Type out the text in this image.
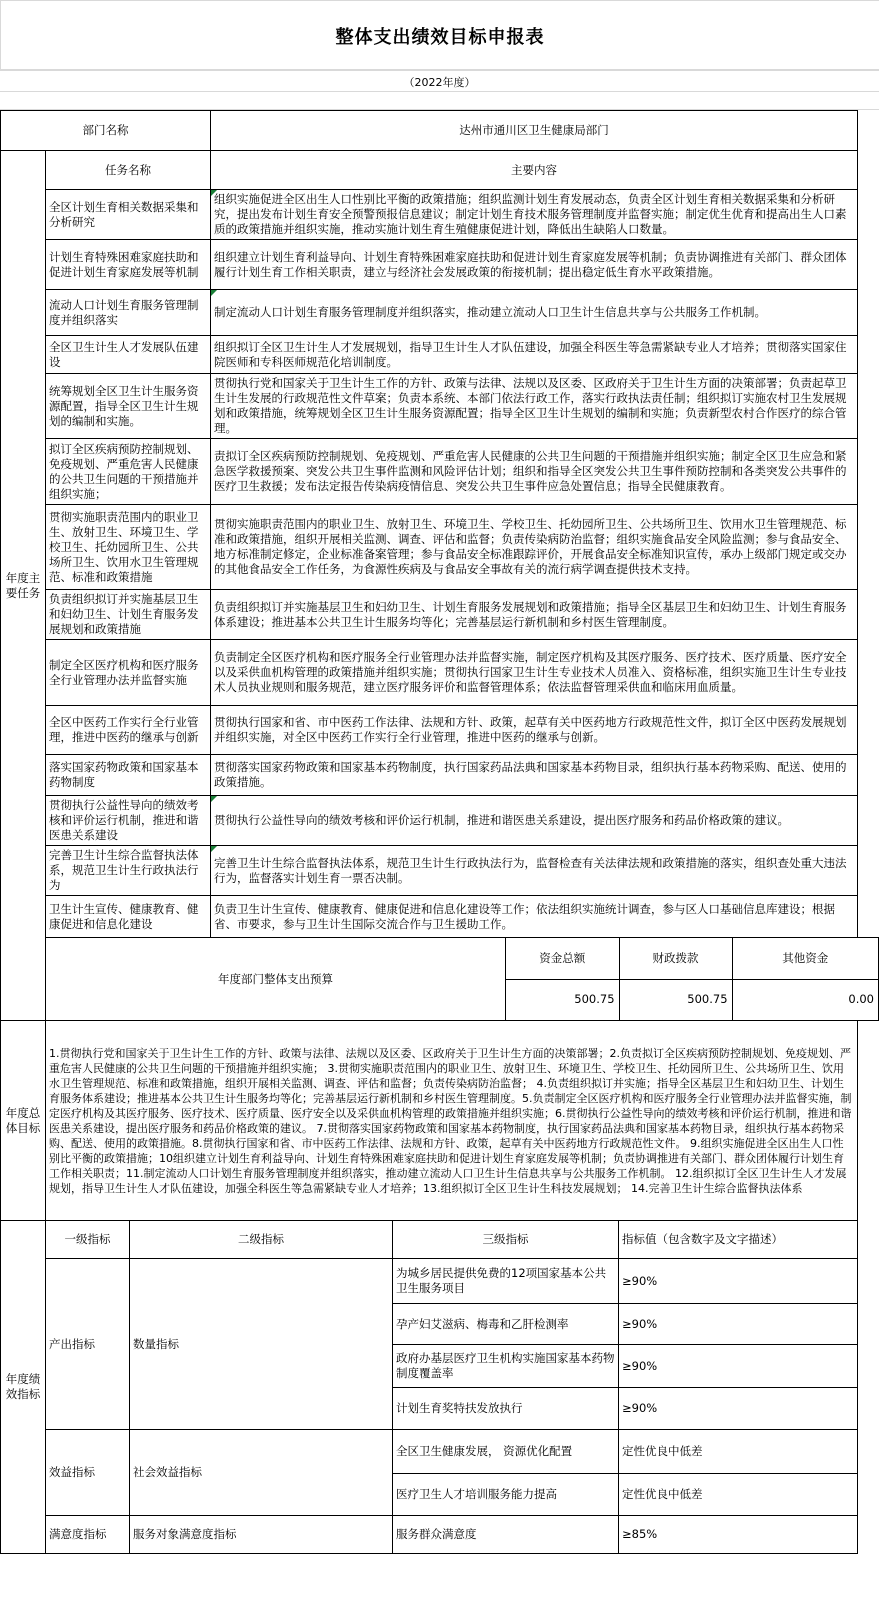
整体支出绩效目标申报表
（2022年度）
部门名称	达州市通川区卫生健康局部门
年度主要任务	任务名称	主要内容
全区计划生育相关数据采集和分析研究	组织实施促进全区出生人口性别比平衡的政策措施；组织监测计划生育发展动态，负责全区计划生育相关数据采集和分析研究，提出发布计划生育安全预警预报信息建议；制定计划生育技术服务管理制度并监督实施；制定优生优育和提高出生人口素质的政策措施并组织实施，推动实施计划生育生殖健康促进计划，降低出生缺陷人口数量。
计划生育特殊困难家庭扶助和促进计划生育家庭发展等机制	组织建立计划生育利益导向、计划生育特殊困难家庭扶助和促进计划生育家庭发展等机制；负责协调推进有关部门、群众团体履行计划生育工作相关职责，建立与经济社会发展政策的衔接机制；提出稳定低生育水平政策措施。
流动人口计划生育服务管理制度并组织落实	制定流动人口计划生育服务管理制度并组织落实，推动建立流动人口卫生计生信息共享与公共服务工作机制。
全区卫生计生人才发展队伍建设	组织拟订全区卫生计生人才发展规划，指导卫生计生人才队伍建设，加强全科医生等急需紧缺专业人才培养；贯彻落实国家住院医师和专科医师规范化培训制度。
统筹规划全区卫生计生服务资源配置，指导全区卫生计生规划的编制和实施。	贯彻执行党和国家关于卫生计生工作的方针、政策与法律、法规以及区委、区政府关于卫生计生方面的决策部署；负责起草卫生计生发展的行政规范性文件草案；负责本系统、本部门依法行政工作，落实行政执法责任制；组织拟订实施农村卫生发展规划和政策措施，统筹规划全区卫生计生服务资源配置；指导全区卫生计生规划的编制和实施；负责新型农村合作医疗的综合管理。
拟订全区疾病预防控制规划、免疫规划、严重危害人民健康的公共卫生问题的干预措施并组织实施；	责拟订全区疾病预防控制规划、免疫规划、严重危害人民健康的公共卫生问题的干预措施并组织实施；制定全区卫生应急和紧急医学救援预案、突发公共卫生事件监测和风险评估计划；组织和指导全区突发公共卫生事件预防控制和各类突发公共事件的医疗卫生救援；发布法定报告传染病疫情信息、突发公共卫生事件应急处置信息；指导全民健康教育。
贯彻实施职责范围内的职业卫生、放射卫生、环境卫生、学校卫生、托幼园所卫生、公共场所卫生、饮用水卫生管理规范、标准和政策措施	贯彻实施职责范围内的职业卫生、放射卫生、环境卫生、学校卫生、托幼园所卫生、公共场所卫生、饮用水卫生管理规范、标准和政策措施，组织开展相关监测、调查、评估和监督；负责传染病防治监督；组织实施食品安全风险监测；参与食品安全、地方标准制定修定，企业标准备案管理；参与食品安全标准跟踪评价，开展食品安全标准知识宣传，承办上级部门规定或交办的其他食品安全工作任务，为食源性疾病及与食品安全事故有关的流行病学调查提供技术支持。
负责组织拟订并实施基层卫生和妇幼卫生、计划生育服务发展规划和政策措施	负责组织拟订并实施基层卫生和妇幼卫生、计划生育服务发展规划和政策措施；指导全区基层卫生和妇幼卫生、计划生育服务体系建设；推进基本公共卫生计生服务均等化；完善基层运行新机制和乡村医生管理制度。
制定全区医疗机构和医疗服务全行业管理办法并监督实施	负责制定全区医疗机构和医疗服务全行业管理办法并监督实施，制定医疗机构及其医疗服务、医疗技术、医疗质量、医疗安全以及采供血机构管理的政策措施并组织实施；贯彻执行国家卫生计生专业技术人员准入、资格标准，组织实施卫生计生专业技术人员执业规则和服务规范，建立医疗服务评价和监督管理体系；依法监督管理采供血和临床用血质量。
全区中医药工作实行全行业管理，推进中医药的继承与创新	贯彻执行国家和省、市中医药工作法律、法规和方针、政策，起草有关中医药地方行政规范性文件，拟订全区中医药发展规划并组织实施，对全区中医药工作实行全行业管理，推进中医药的继承与创新。
落实国家药物政策和国家基本药物制度	贯彻落实国家药物政策和国家基本药物制度，执行国家药品法典和国家基本药物目录，组织执行基本药物采购、配送、使用的政策措施。
贯彻执行公益性导向的绩效考核和评价运行机制，推进和谐医患关系建设	贯彻执行公益性导向的绩效考核和评价运行机制，推进和谐医患关系建设，提出医疗服务和药品价格政策的建议。
完善卫生计生综合监督执法体系，规范卫生计生行政执法行为	完善卫生计生综合监督执法体系，规范卫生计生行政执法行为，监督检查有关法律法规和政策措施的落实，组织查处重大违法行为，监督落实计划生育一票否决制。
卫生计生宣传、健康教育、健康促进和信息化建设	负责卫生计生宣传、健康教育、健康促进和信息化建设等工作；依法组织实施统计调查，参与区人口基础信息库建设；根据省、市要求，参与卫生计生国际交流合作与卫生援助工作。
年度部门整体支出预算	
资金总额	财政拨款	其他资金
500.75	500.75	0.00

年度总体目标	1.贯彻执行党和国家关于卫生计生工作的方针、政策与法律、法规以及区委、区政府关于卫生计生方面的决策部署；2.负责拟订全区疾病预防控制规划、免疫规划、严重危害人民健康的公共卫生问题的干预措施并组织实施； 3.贯彻实施职责范围内的职业卫生、放射卫生、环境卫生、学校卫生、托幼园所卫生、公共场所卫生、饮用水卫生管理规范、标准和政策措施，组织开展相关监测、调查、评估和监督；负责传染病防治监督； 4.负责组织拟订并实施；指导全区基层卫生和妇幼卫生、计划生育服务体系建设；推进基本公共卫生计生服务均等化；完善基层运行新机制和乡村医生管理制度。5.负责制定全区医疗机构和医疗服务全行业管理办法并监督实施，制定医疗机构及其医疗服务、医疗技术、医疗质量、医疗安全以及采供血机构管理的政策措施并组织实施；6.贯彻执行公益性导向的绩效考核和评价运行机制，推进和谐医患关系建设，提出医疗服务和药品价格政策的建议。 7.贯彻落实国家药物政策和国家基本药物制度，执行国家药品法典和国家基本药物目录，组织执行基本药物采购、配送、使用的政策措施。8.贯彻执行国家和省、市中医药工作法律、法规和方针、政策，起草有关中医药地方行政规范性文件。 9.组织实施促进全区出生人口性别比平衡的政策措施；10组织建立计划生育利益导向、计划生育特殊困难家庭扶助和促进计划生育家庭发展等机制；负责协调推进有关部门、群众团体履行计划生育工作相关职责；11.制定流动人口计划生育服务管理制度并组织落实，推动建立流动人口卫生计生信息共享与公共服务工作机制。 12.组织拟订全区卫生计生人才发展规划，指导卫生计生人才队伍建设，加强全科医生等急需紧缺专业人才培养；13.组织拟订全区卫生计生科技发展规划； 14.完善卫生计生综合监督执法体系
年度绩效指标	一级指标	二级指标	三级指标	指标值（包含数字及文字描述）
产出指标	数量指标	为城乡居民提供免费的12项国家基本公共卫生服务项目	≥90%
孕产妇艾滋病、梅毒和乙肝检测率	≥90%
政府办基层医疗卫生机构实施国家基本药物制度覆盖率	≥90%
计划生育奖特扶发放执行	≥90%
效益指标	社会效益指标	全区卫生健康发展， 资源优化配置	定性优良中低差
医疗卫生人才培训服务能力提高	定性优良中低差
满意度指标	服务对象满意度指标	服务群众满意度	≥85%
